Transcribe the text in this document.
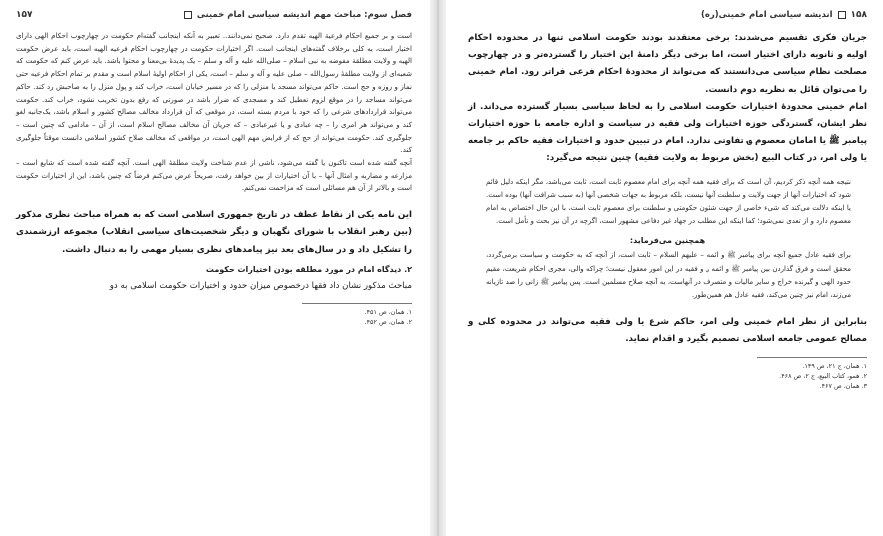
فصل سوم: مباحث مهم اندیشه سیاسی امام خمینی
۱۵۷

است و بر جمیع احکام فرعیة الهیه تقدم دارد. صحیح نمی‌دانند.. تعبیر به آنکه اینجانب گفته‌ام حکومت در چهارچوب احکام الهی دارای اختیار است، به کلی برخلاف گفته‌های اینجانب است. اگر اختیارات حکومت در چهارچوب احکام فرعیه الهیه است، باید عرض حکومت الهیه و ولایت مطلقة مفوضه به نبی اسلام – صلی‌الله علیه و آله و سلم – یک پدیدهٔ بی‌معنا و محتوا باشد. باید عرض کنم که حکومت که شعبه‌ای از ولایت مطلقهٔ رسول‌الله – صلی علیه و آله و سلم – است، یکی از احکام اولیهٔ اسلام است و مقدم بر تمام احکام فرعیه حتی نماز و روزه و حج است. حاکم می‌تواند مسجد یا منزلی را که در مسیر خیابان است، خراب کند و پول منزل را به صاحبش رد کند. حاکم می‌تواند مساجد را در موقع لزوم تعطیل کند و مسجدی که ضرار باشد در صورتی که رفع بدون تخریب نشود، خراب کند. حکومت می‌تواند قراردادهای شرعی را که خود با مردم بسته است، در موقعی که آن قرارداد مخالف مصالح کشور و اسلام باشد، یک‌جانبه لغو کند و می‌تواند هر امری را – چه عبادی و یا غیرعبادی – که جریان آن مخالف مصالح اسلام است، از آن – مادامی که چنین است – جلوگیری کند. حکومت می‌تواند از حج که از فرایض مهم الهی است، در مواقعی که مخالف صلاح کشور اسلامی دانست موقتاً جلوگیری کند.

آنچه گفته شده است تاکنون یا گفته می‌شود، ناشی از عدم شناخت ولایت مطلقهٔ الهی است. آنچه گفته شده است که شایع است – مزارعه و مضاربه و امثال آنها – با آن اختیارات از بین خواهد رفت، صریحاً عرض می‌کنم فرضاً که چنین باشد، این از اختیارات حکومت است و بالاتر از آن هم مسائلی است که مزاحمت نمی‌کنم.

این نامه یکی از نقاط عطف در تاریخ جمهوری اسلامی است که به همراه مباحث نظری مذکور (بین رهبر انقلاب با شورای نگهبان و دیگر شخصیت‌های سیاسی انقلاب) مجموعه ارزشمندی را تشکیل داد و در سال‌های بعد نیز پیامدهای نظری بسیار مهمی را به دنبال داشت.

۲. دیدگاه امام در مورد مطلقه بودن اختیارات حکومت

مباحث مذکور نشان داد فقها درخصوص میزان حدود و اختیارات حکومت اسلامی به دو

۱. همان، ص ۴۵۱.
۲. همان، ص ۴۵۲.
۱۵۸
اندیشه سیاسی امام خمینی(ره)

جریان فکری تقسیم می‌شدند: برخی معتقدند بودند حکومت اسلامی تنها در محدوده احکام اولیه و ثانویه دارای اختیار است، اما برخی دیگر دامنهٔ این اختیار را گسترده‌تر و در چهارچوب مصلحت نظام سیاسی می‌دانستند که می‌تواند از محدودهٔ احکام فرعی فراتر رود. امام خمینی را می‌توان قائل به نظریه دوم دانست.

امام خمینی محدودهٔ اختیارات حکومت اسلامی را به لحاظ سیاسی بسیار گسترده می‌داند. از نظر ایشان، گستردگی حوزه اختیارات ولی فقیه در سیاست و اداره جامعه با حوزه اختیارات پیامبر ﷺ یا امامان معصوم ؈ تفاوتی ندارد. امام در تبیین حدود و اختیارات فقیه حاکم بر جامعه یا ولی امر، در کتاب البیع (بخش مربوط به ولایت فقیه) چنین نتیجه می‌گیرد:

نتیجه همه آنچه ذکر کردیم، آن است که برای فقیه همه آنچه برای امام معصوم ثابت است، ثابت می‌باشد، مگر اینکه دلیل قائم شود که اختیارات آنها از جهت ولایت و سلطنت آنها نیست، بلکه مربوط به جهات شخصی آنها (به سبب شرافت آنها) بوده است. یا اینکه دلالت می‌کند که شیء خاصی از جهت شئون حکومتی و سلطنت برای معصوم ثابت است، با این حال اختصاص به امام معصوم دارد و از تعدی نمی‌شود؛ کما اینکه این مطلب در جهاد غیر دفاعی مشهور است، اگرچه در آن نیز بحث و تأمل است.

همچنین می‌فرماید:

برای فقیه عادل جمیع آنچه برای پیامبر ﷺ و ائمه – علیهم السلام – ثابت است، از آنچه که به حکومت و سیاست برمی‌گردد، محقق است و فرق گذاردن بین پیامبر ﷺ و ائمه ؈ و فقیه در این امور معقول نیست؛ چراکه والی، مجری احکام شریعت، مقیم حدود الهی و گیرنده خراج و سایر مالیات و متصرف در آنهاست، به آنچه صلاح مسلمین است. پس پیامبر ﷺ زانی را صد تازیانه می‌زند، امام نیز چنین می‌کند، فقیه عادل هم همین‌طور.

بنابراین از نظر امام خمینی ولی امر، حاکم شرع یا ولی فقیه می‌تواند در محدوده کلی و مصالح عمومی جامعه اسلامی تصمیم بگیرد و اقدام نماید.

۱. همان، ج ۲۱، ص ۱۴۹.
۲. همو، کتاب البیع، ج ۲، ص ۴۶۸.
۳. همان، ص ۴۶۷.
